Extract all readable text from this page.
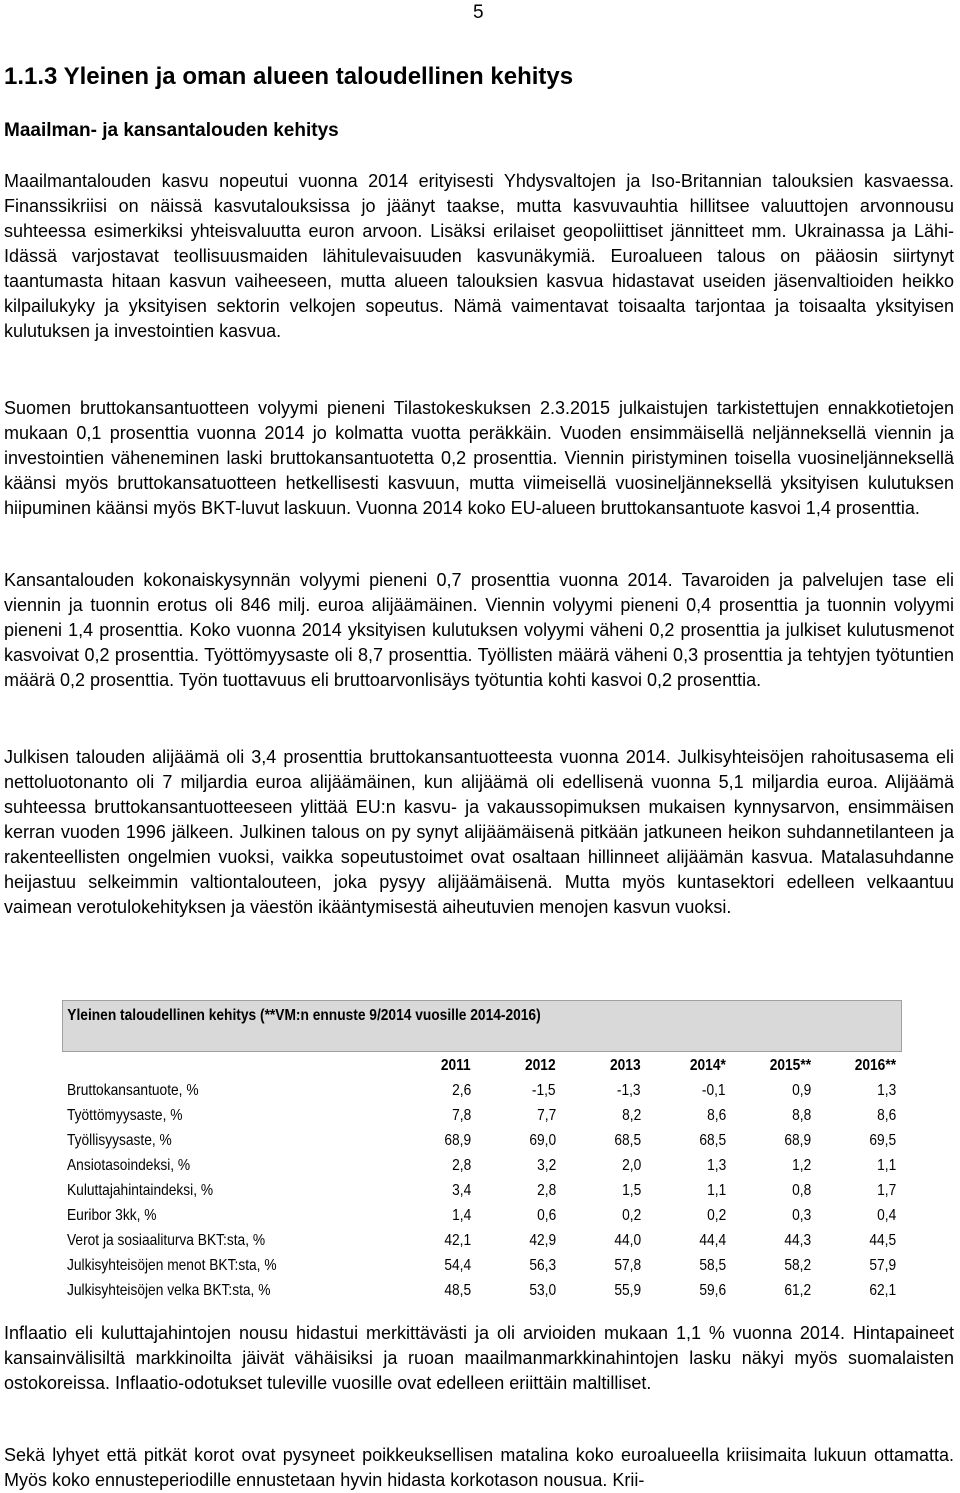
5
1.1.3 Yleinen ja oman alueen taloudellinen kehitys
Maailman- ja kansantalouden kehitys

Maailmantalouden kasvu nopeutui vuonna 2014 erityisesti Yhdysvaltojen ja Iso-Britannian talouksien kasvaessa. Finanssikriisi on näissä kasvutalouksissa jo jäänyt taakse, mutta kasvuvauhtia hillitsee valuuttojen arvonnousu suhteessa esimerkiksi yhteisvaluutta euron arvoon. Lisäksi erilaiset geopoliittiset jännitteet mm. Ukrainassa ja Lähi-Idässä varjostavat teollisuusmaiden lähitulevaisuuden kasvunäkymiä. Euroalueen talous on pääosin siirtynyt taantumasta hitaan kasvun vaiheeseen, mutta alueen talouksien kasvua hidastavat useiden jäsenvaltioiden heikko kilpailukyky ja yksityisen sektorin velkojen sopeutus. Nämä vaimentavat toisaalta tarjontaa ja toisaalta yksityisen kulutuksen ja investointien kasvua.

Suomen bruttokansantuotteen volyymi pieneni Tilastokeskuksen 2.3.2015 julkaistujen tarkistettujen ennakkotietojen mukaan 0,1 prosenttia vuonna 2014 jo kolmatta vuotta peräkkäin. Vuoden ensimmäisellä neljänneksellä viennin ja investointien väheneminen laski bruttokansantuotetta 0,2 prosenttia. Viennin piristyminen toisella vuosineljänneksellä käänsi myös bruttokansatuotteen hetkellisesti kasvuun, mutta viimeisellä vuosineljänneksellä yksityisen kulutuksen hiipuminen käänsi myös BKT-luvut laskuun. Vuonna 2014 koko EU-alueen bruttokansantuote kasvoi 1,4 prosenttia.

Kansantalouden kokonaiskysynnän volyymi pieneni 0,7 prosenttia vuonna 2014. Tavaroiden ja palvelujen tase eli viennin ja tuonnin erotus oli 846 milj. euroa alijäämäinen. Viennin volyymi pieneni 0,4 prosenttia ja tuonnin volyymi pieneni 1,4 prosenttia. Koko vuonna 2014 yksityisen kulutuksen volyymi väheni 0,2 prosenttia ja julkiset kulutusmenot kasvoivat 0,2 prosenttia. Työttömyysaste oli 8,7 prosenttia. Työllisten määrä väheni 0,3 prosenttia ja tehtyjen työtuntien määrä 0,2 prosenttia. Työn tuottavuus eli bruttoarvonlisäys työtuntia kohti kasvoi 0,2 prosenttia.

Julkisen talouden alijäämä oli 3,4 prosenttia bruttokansantuotteesta vuonna 2014. Julkisyhteisöjen rahoitusasema eli nettoluotonanto oli 7 miljardia euroa alijäämäinen, kun alijäämä oli edellisenä vuonna 5,1 miljardia euroa. Alijäämä suhteessa bruttokansantuotteeseen ylittää EU:n kasvu- ja vakaussopimuksen mukaisen kynnysarvon, ensimmäisen kerran vuoden 1996 jälkeen. Julkinen talous on py synyt alijäämäisenä pitkään jatkuneen heikon suhdannetilanteen ja rakenteellisten ongelmien vuoksi, vaikka sopeutustoimet ovat osaltaan hillinneet alijäämän kasvua. Matalasuhdanne heijastuu selkeimmin valtiontalouteen, joka pysyy alijäämäisenä. Mutta myös kuntasektori edelleen velkaantuu vaimean verotulokehityksen ja väestön ikääntymisestä aiheutuvien menojen kasvun vuoksi.

Yleinen taloudellinen kehitys (**VM:n ennuste 9/2014 vuosille 2014-2016)
	2011	2012	2013	2014*	2015**	2016**
Bruttokansantuote, %	2,6	-1,5	-1,3	-0,1	0,9	1,3
Työttömyysaste, %	7,8	7,7	8,2	8,6	8,8	8,6
Työllisyysaste, %	68,9	69,0	68,5	68,5	68,9	69,5
Ansiotasoindeksi, %	2,8	3,2	2,0	1,3	1,2	1,1
Kuluttajahintaindeksi, %	3,4	2,8	1,5	1,1	0,8	1,7
Euribor 3kk, %	1,4	0,6	0,2	0,2	0,3	0,4
Verot ja sosiaaliturva BKT:sta, %	42,1	42,9	44,0	44,4	44,3	44,5
Julkisyhteisöjen menot BKT:sta, %	54,4	56,3	57,8	58,5	58,2	57,9
Julkisyhteisöjen velka BKT:sta, %	48,5	53,0	55,9	59,6	61,2	62,1

Inflaatio eli kuluttajahintojen nousu hidastui merkittävästi ja oli arvioiden mukaan 1,1 % vuonna 2014. Hintapaineet kansainvälisiltä markkinoilta jäivät vähäisiksi ja ruoan maailmanmarkkinahintojen lasku näkyi myös suomalaisten ostokoreissa. Inflaatio-odotukset tuleville vuosille ovat edelleen eriittäin maltilliset.

Sekä lyhyet että pitkät korot ovat pysyneet poikkeuksellisen matalina koko euroalueella kriisimaita lukuun ottamatta. Myös koko ennusteperiodille ennustetaan hyvin hidasta korkotason nousua. Krii-
